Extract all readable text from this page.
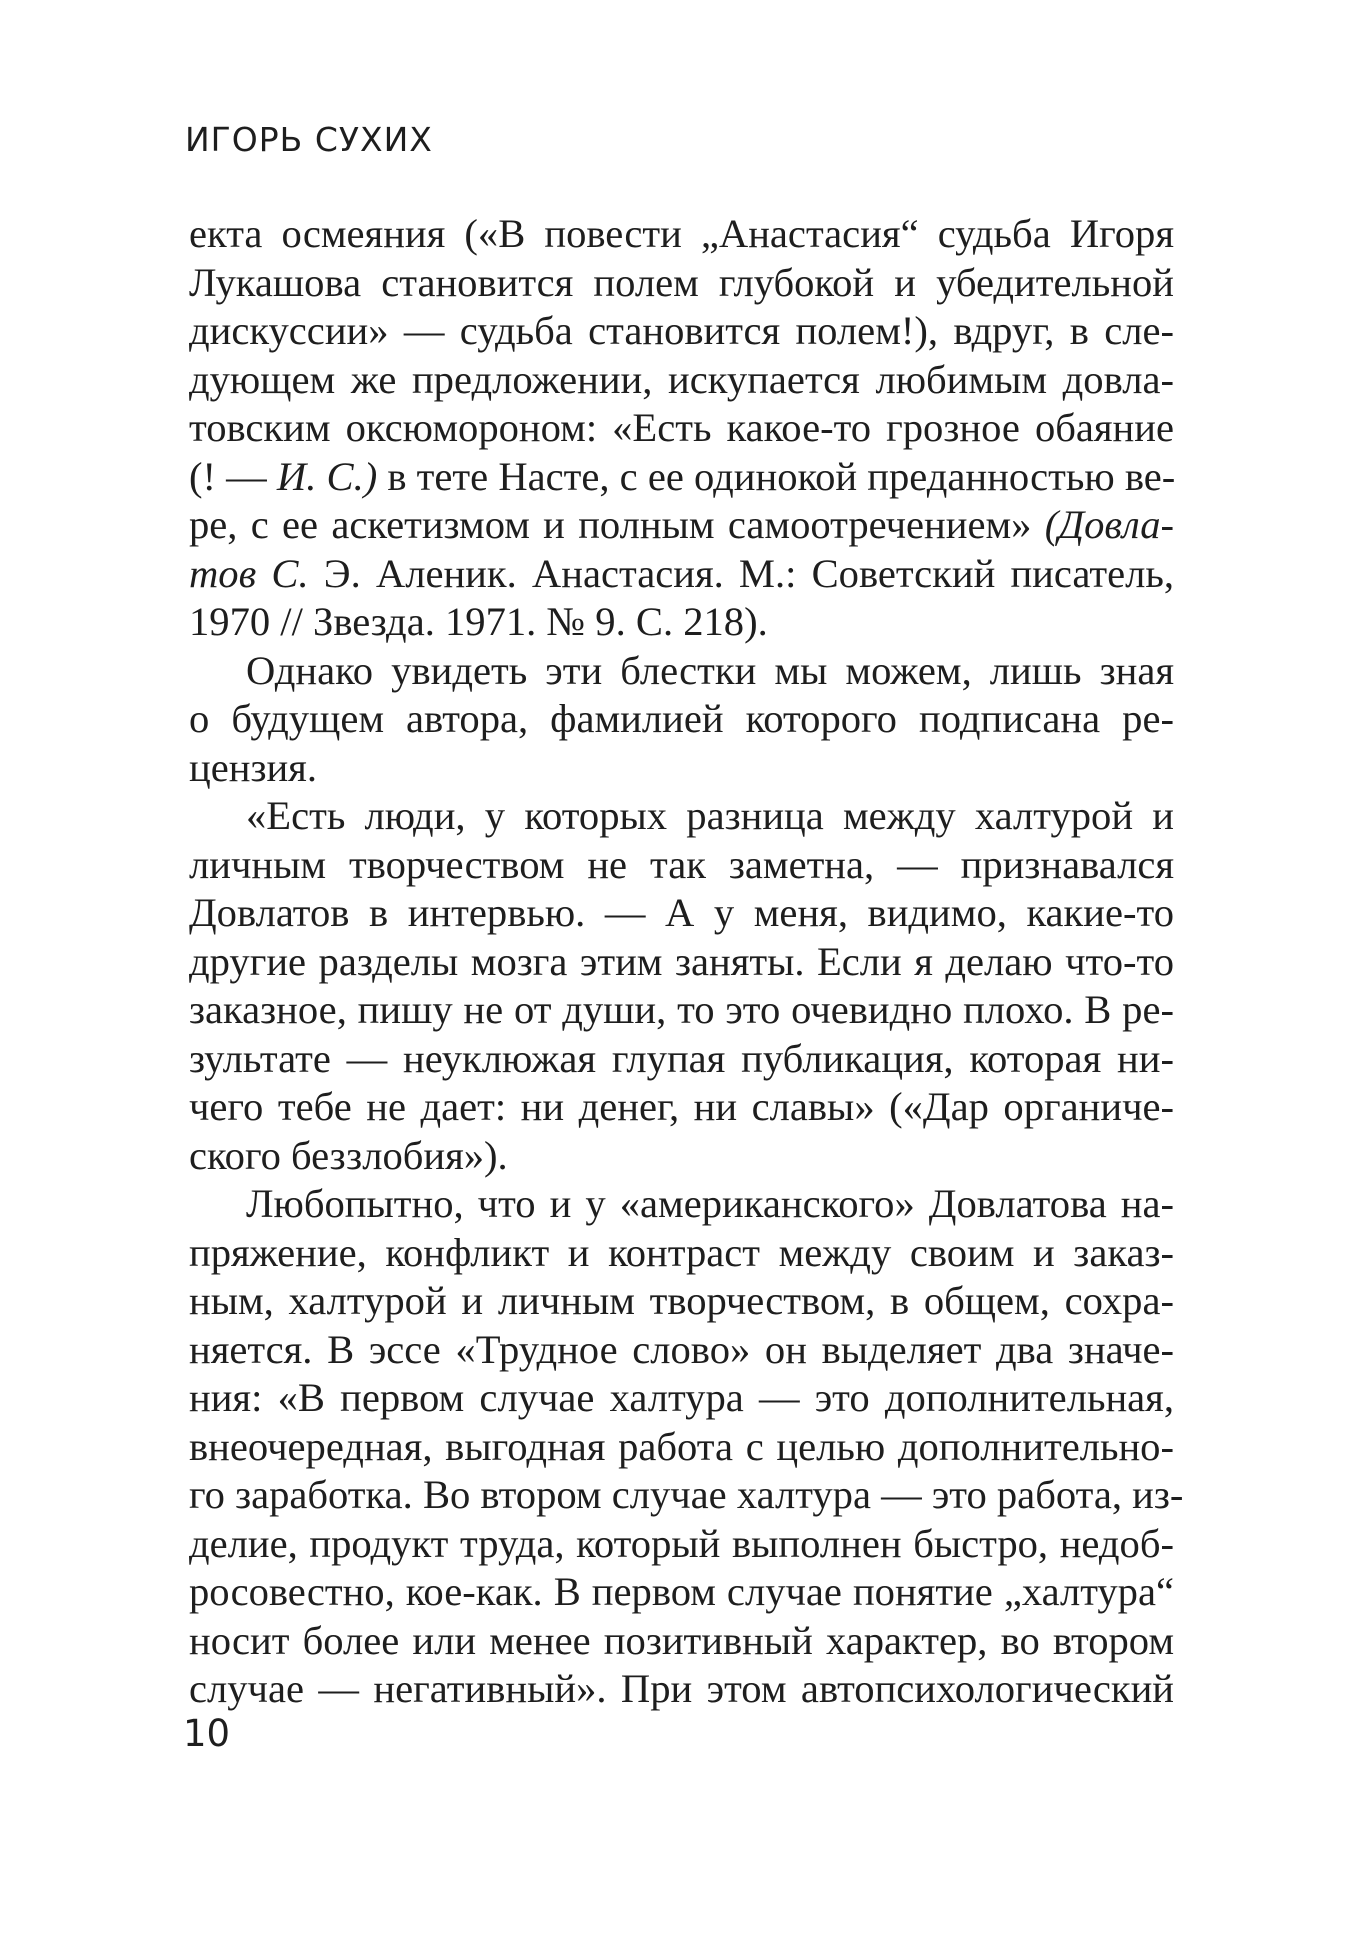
ИГОРЬ СУХИХ
екта осмеяния («В повести „Анастасия“ судьба Игоря
Лукашова становится полем глубокой и убедительной
дискуссии» — судьба становится полем!), вдруг, в сле-
дующем же предложении, искупается любимым довла-
товским оксюмороном: «Есть какое-то грозное обаяние
(! — И. С.) в тете Насте, с ее одинокой преданностью ве-
ре, с ее аскетизмом и полным самоотречением» (Довла-
тов С. Э. Аленик. Анастасия. М.: Советский писатель,
1970 // Звезда. 1971. № 9. С. 218).
Однако увидеть эти блестки мы можем, лишь зная
о будущем автора, фамилией которого подписана ре-
цензия.
«Есть люди, у которых разница между халтурой и
личным творчеством не так заметна, — признавался
Довлатов в интервью. — А у меня, видимо, какие-то
другие разделы мозга этим заняты. Если я делаю что-то
заказное, пишу не от души, то это очевидно плохо. В ре-
зультате — неуклюжая глупая публикация, которая ни-
чего тебе не дает: ни денег, ни славы» («Дар органиче-
ского беззлобия»).
Любопытно, что и у «американского» Довлатова на-
пряжение, конфликт и контраст между своим и заказ-
ным, халтурой и личным творчеством, в общем, сохра-
няется. В эссе «Трудное слово» он выделяет два значе-
ния: «В первом случае халтура — это дополнительная,
внеочередная, выгодная работа с целью дополнительно-
го заработка. Во втором случае халтура — это работа, из-
делие, продукт труда, который выполнен быстро, недоб-
росовестно, кое-как. В первом случае понятие „халтура“
носит более или менее позитивный характер, во втором
случае — негативный». При этом автопсихологический
10
